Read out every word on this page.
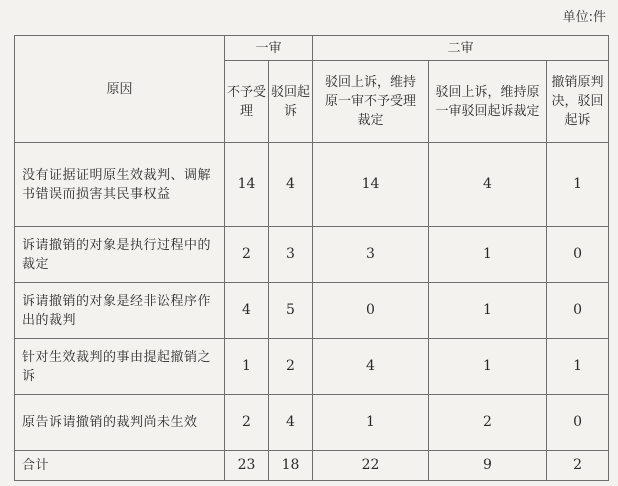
单位:件
原因	一审		二审		
	不予受理	驳回起诉	驳回上诉，维持原一审不予受理裁定	驳回上诉，维持原一审驳回起诉裁定	撤销原判决，驳回起诉
没有证据证明原生效裁判、调解书错误而损害其民事权益	14	4	14	4	1
诉请撤销的对象是执行过程中的裁定	2	3	3	1	0
诉请撤销的对象是经非讼程序作出的裁判	4	5	0	1	0
针对生效裁判的事由提起撤销之诉	1	2	4	1	1
原告诉请撤销的裁判尚未生效	2	4	1	2	0
合计	23	18	22	9	2
